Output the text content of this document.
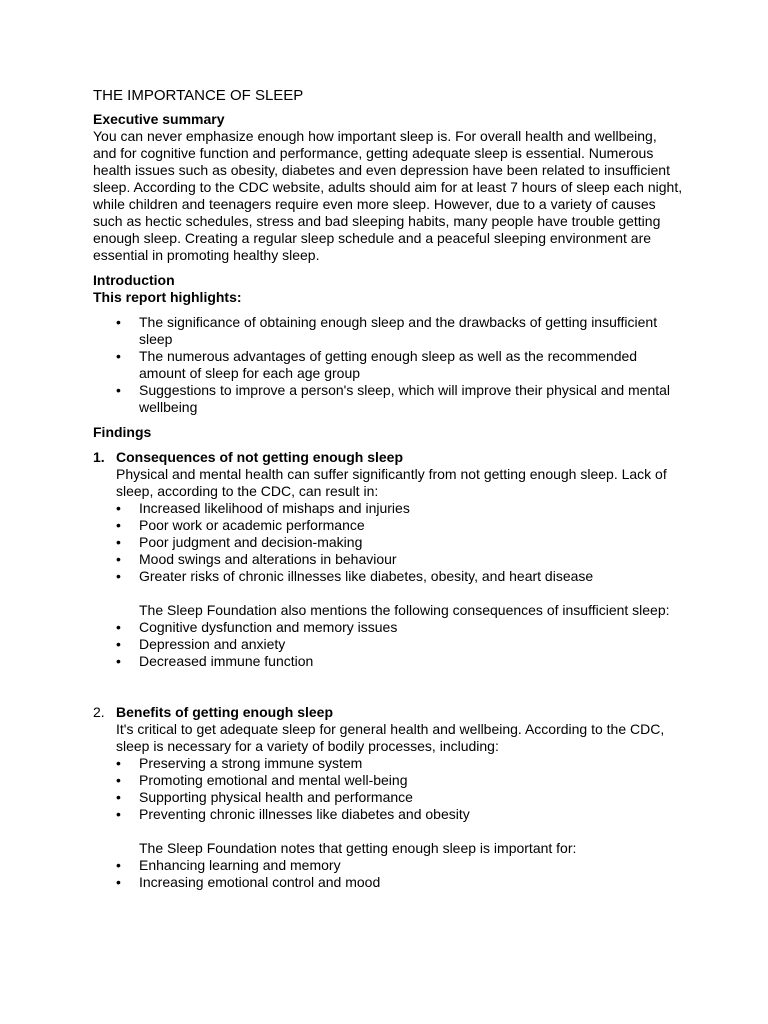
THE IMPORTANCE OF SLEEP
Executive summary

You can never emphasize enough how important sleep is. For overall health and wellbeing, and for cognitive function and performance, getting adequate sleep is essential. Numerous health issues such as obesity, diabetes and even depression have been related to insufficient sleep. According to the CDC website, adults should aim for at least 7 hours of sleep each night, while children and teenagers require even more sleep. However, due to a variety of causes such as hectic schedules, stress and bad sleeping habits, many people have trouble getting enough sleep. Creating a regular sleep schedule and a peaceful sleeping environment are essential in promoting healthy sleep.

Introduction
This report highlights:
• The significance of obtaining enough sleep and the drawbacks of getting insufficient sleep
• The numerous advantages of getting enough sleep as well as the recommended amount of sleep for each age group
• Suggestions to improve a person's sleep, which will improve their physical and mental wellbeing
Findings
1. Consequences of not getting enough sleep

Physical and mental health can suffer significantly from not getting enough sleep. Lack of sleep, according to the CDC, can result in:

• Increased likelihood of mishaps and injuries
• Poor work or academic performance
• Poor judgment and decision-making
• Mood swings and alterations in behaviour
• Greater risks of chronic illnesses like diabetes, obesity, and heart disease

The Sleep Foundation also mentions the following consequences of insufficient sleep:

• Cognitive dysfunction and memory issues
• Depression and anxiety
• Decreased immune function
2. Benefits of getting enough sleep

It's critical to get adequate sleep for general health and wellbeing. According to the CDC, sleep is necessary for a variety of bodily processes, including:

• Preserving a strong immune system
• Promoting emotional and mental well-being
• Supporting physical health and performance
• Preventing chronic illnesses like diabetes and obesity

The Sleep Foundation notes that getting enough sleep is important for:

• Enhancing learning and memory
• Increasing emotional control and mood
